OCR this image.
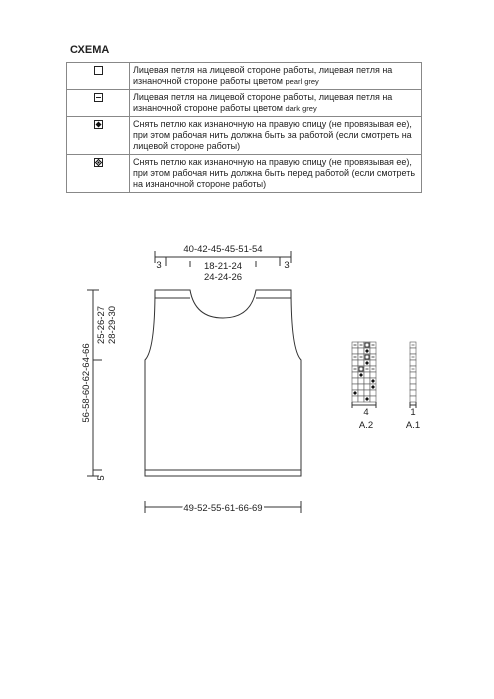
СХЕМА
	Лицевая петля на лицевой стороне работы, лицевая петля на изнаночной стороне работы цветом pearl grey
	Лицевая петля на лицевой стороне работы, лицевая петля на изнаночной стороне работы цветом dark grey
	Снять петлю как изнаночную на правую спицу (не провязывая ее), при этом рабочая нить должна быть за работой (если смотреть на лицевой стороне работы)
	Снять петлю как изнаночную на правую спицу (не провязывая ее), при этом рабочая нить должна быть перед работой (если смотреть на изнаночной стороне работы)
40-42-45-45-51-54
3	3
18-21-24
24-24-26
56-58-60-62-64-66
25-26-27 28-29-30
5
49-52-55-61-66-69
4
A.2
1
A.1
